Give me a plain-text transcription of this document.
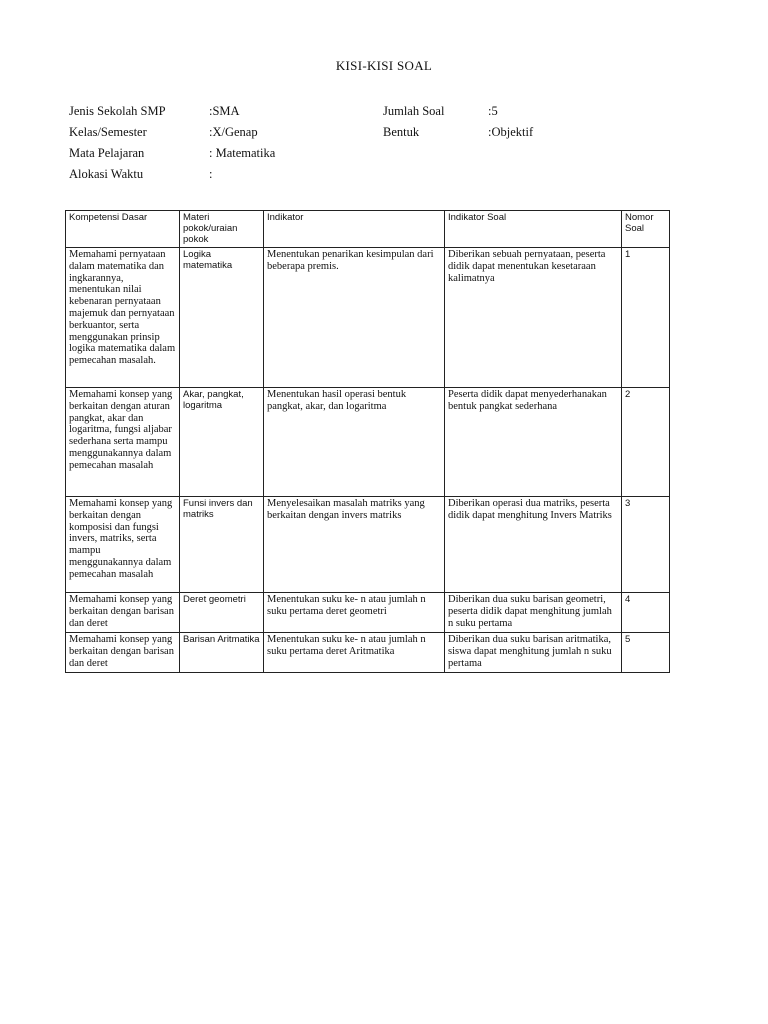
KISI-KISI SOAL
Jenis Sekolah SMP	:SMA	Jumlah Soal	:5
Kelas/Semester	:X/Genap	Bentuk	:Objektif
Mata Pelajaran	: Matematika
Alokasi Waktu	:
Kompetensi Dasar	Materi pokok/uraian pokok	Indikator	Indikator Soal	Nomor Soal
Memahami pernyataan dalam matematika dan ingkarannya, menentukan nilai kebenaran pernyataan majemuk dan pernyataan berkuantor, serta menggunakan prinsip logika matematika dalam pemecahan masalah.	Logika matematika	Menentukan penarikan kesimpulan dari beberapa premis.	Diberikan sebuah pernyataan, peserta didik dapat menentukan kesetaraan kalimatnya	1
Memahami konsep yang berkaitan dengan aturan pangkat, akar dan logaritma, fungsi aljabar sederhana serta mampu menggunakannya dalam pemecahan masalah	Akar, pangkat, logaritma	Menentukan hasil operasi bentuk pangkat, akar, dan logaritma	Peserta didik dapat menyederhanakan bentuk pangkat sederhana	2
Memahami konsep yang berkaitan dengan komposisi dan fungsi invers, matriks, serta mampu menggunakannya dalam pemecahan masalah	Funsi invers dan matriks	Menyelesaikan masalah matriks yang berkaitan dengan invers matriks	Diberikan operasi dua matriks, peserta didik dapat menghitung Invers Matriks	3
Memahami konsep yang berkaitan dengan barisan dan deret	Deret geometri	Menentukan suku ke- n atau jumlah n suku pertama deret geometri	Diberikan dua suku barisan geometri, peserta didik dapat menghitung jumlah n suku pertama	4
Memahami konsep yang berkaitan dengan barisan dan deret	Barisan Aritmatika	Menentukan suku ke- n atau jumlah n suku pertama deret Aritmatika	Diberikan dua suku barisan aritmatika, siswa dapat menghitung jumlah n suku pertama	5
